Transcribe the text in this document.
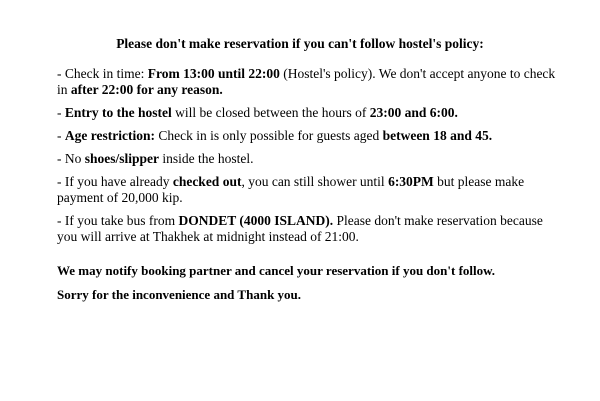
Please don't make reservation if you can't follow hostel's policy:
- Check in time: From 13:00 until 22:00 (Hostel's policy). We don't accept anyone to check in after 22:00 for any reason.
- Entry to the hostel will be closed between the hours of 23:00 and 6:00.
- Age restriction: Check in is only possible for guests aged between 18 and 45.
- No shoes/slipper inside the hostel.
- If you have already checked out, you can still shower until 6:30PM but please make payment of 20,000 kip.
- If you take bus from DONDET (4000 ISLAND). Please don't make reservation because you will arrive at Thakhek at midnight instead of 21:00.

We may notify booking partner and cancel your reservation if you don't follow.

Sorry for the inconvenience and Thank you.
